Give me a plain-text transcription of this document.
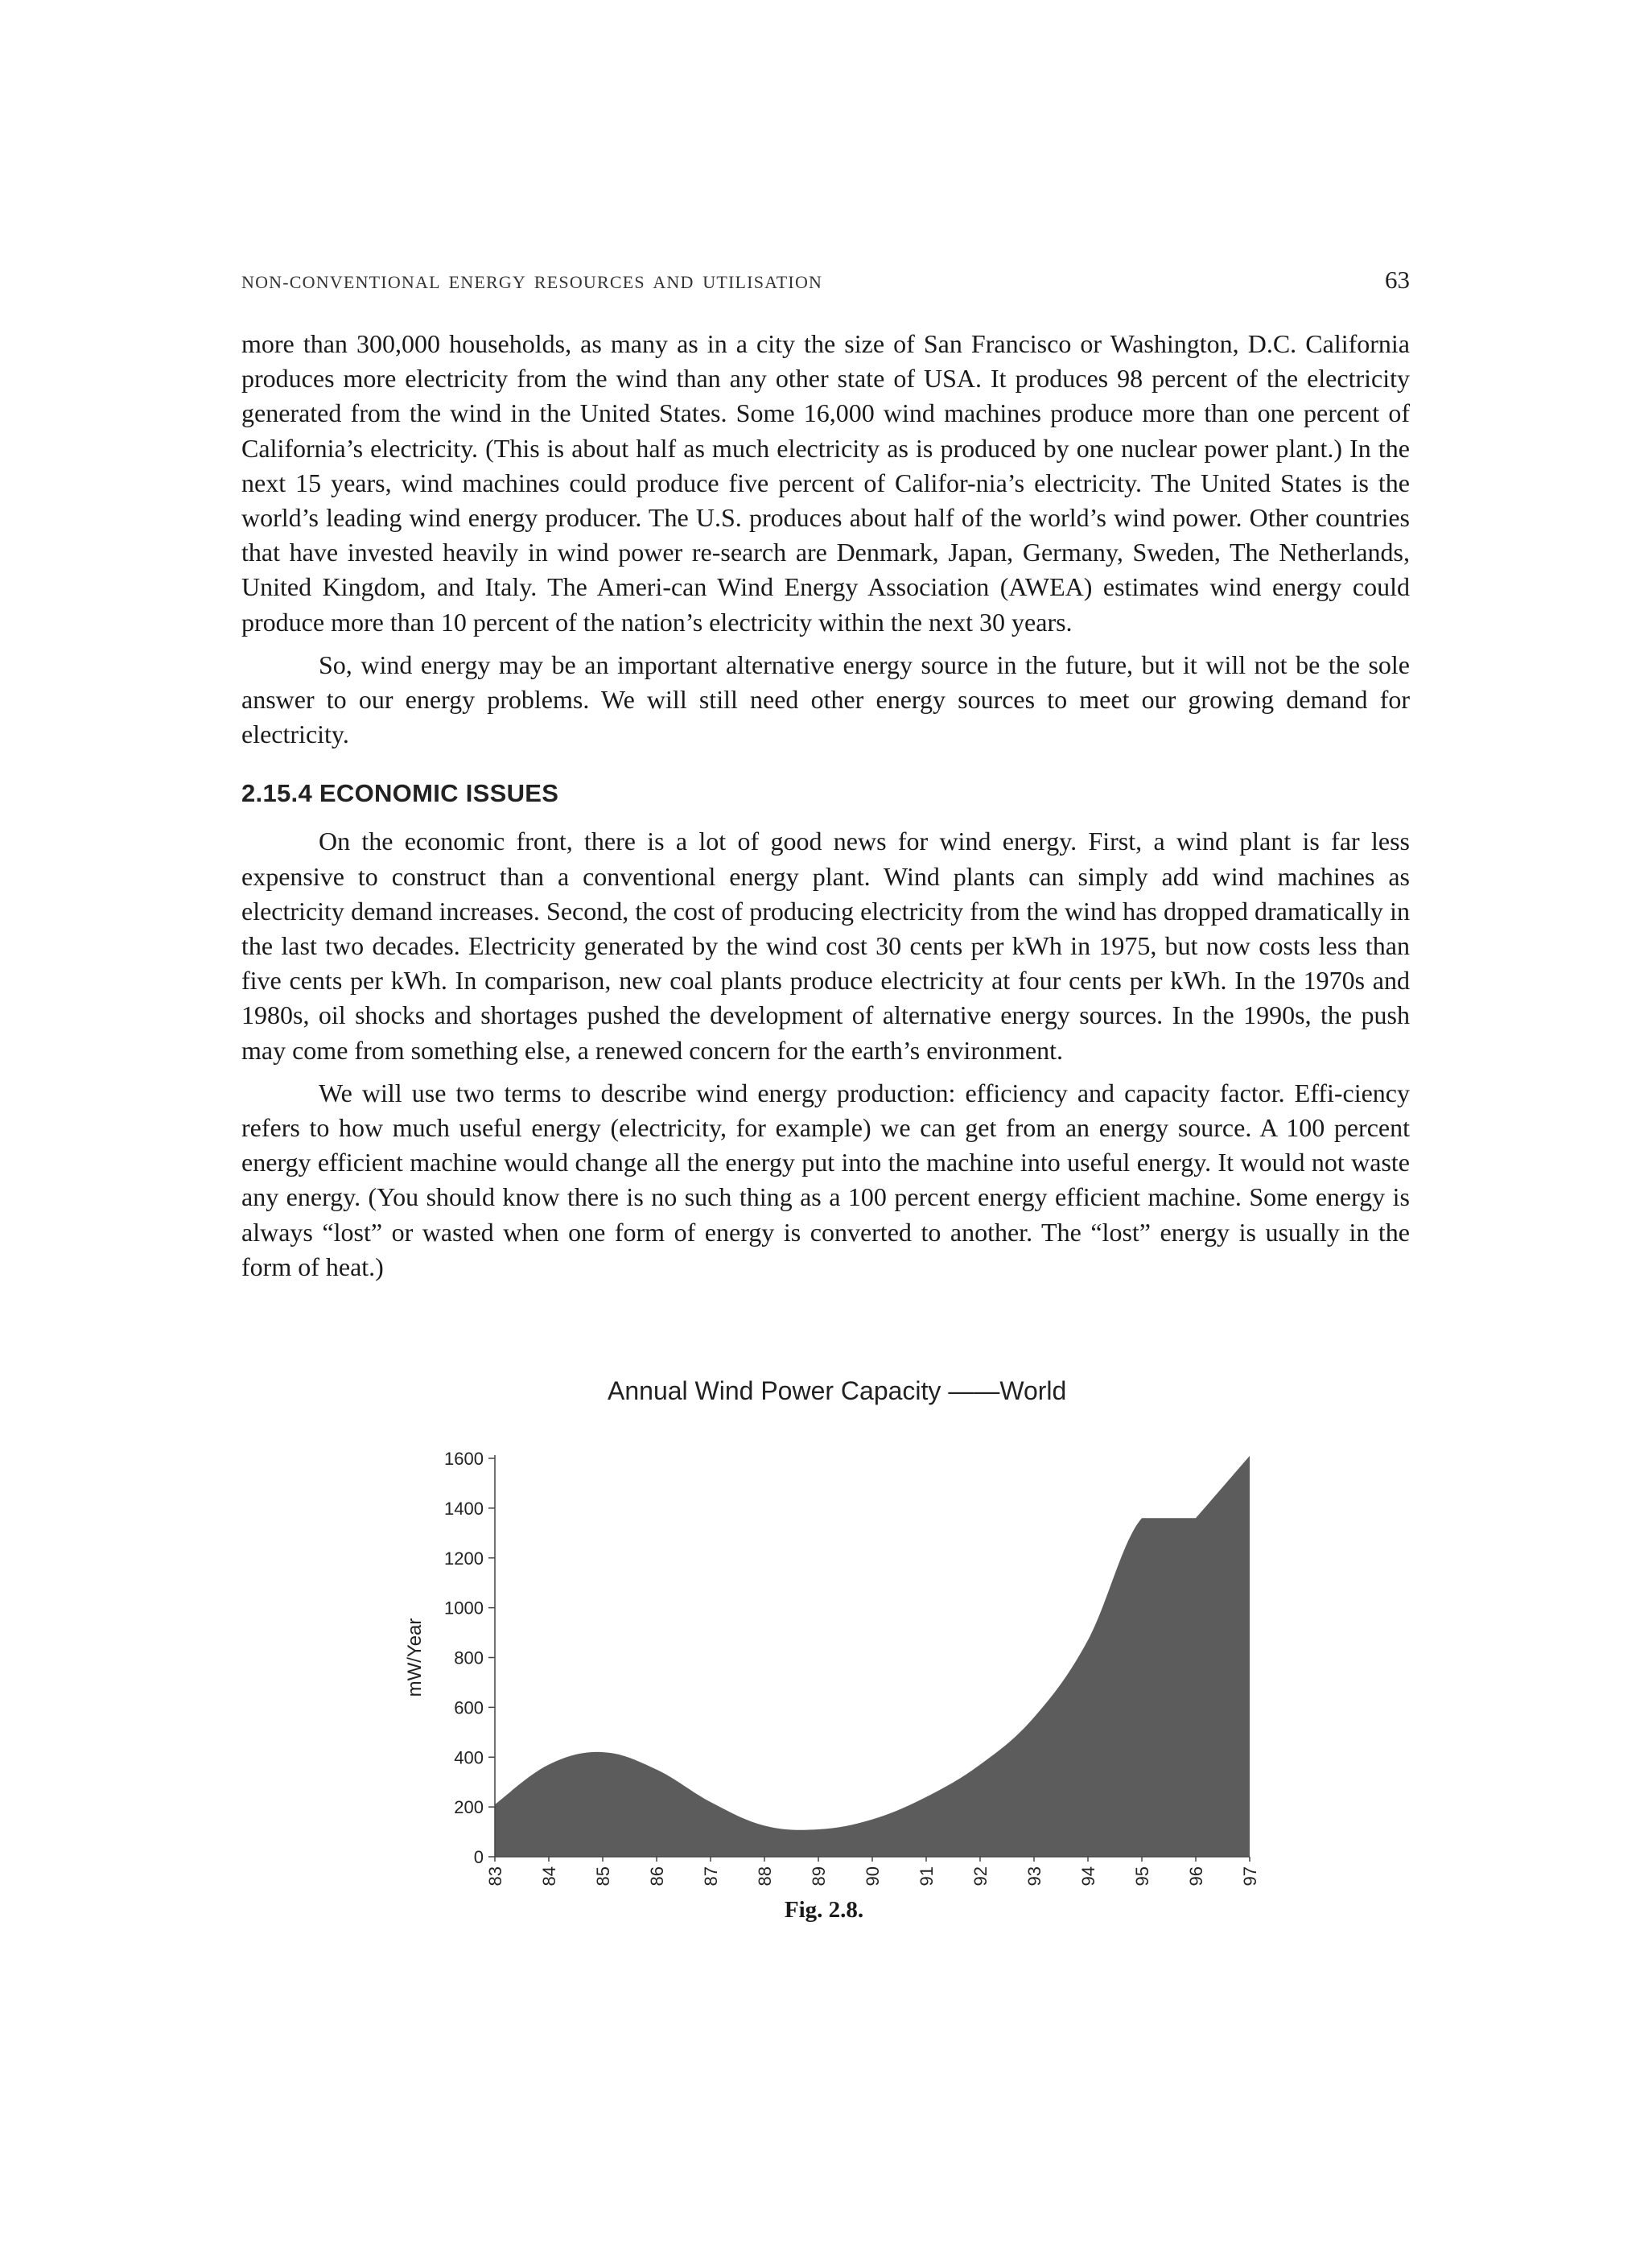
NON-CONVENTIONAL ENERGY RESOURCES AND UTILISATION	63

more than 300,000 households, as many as in a city the size of San Francisco or Washington, D.C. California produces more electricity from the wind than any other state of USA. It produces 98 percent of the electricity generated from the wind in the United States. Some 16,000 wind machines produce more than one percent of California’s electricity. (This is about half as much electricity as is produced by one nuclear power plant.) In the next 15 years, wind machines could produce five percent of Califor-nia’s electricity. The United States is the world’s leading wind energy producer. The U.S. produces about half of the world’s wind power. Other countries that have invested heavily in wind power re-search are Denmark, Japan, Germany, Sweden, The Netherlands, United Kingdom, and Italy. The Ameri-can Wind Energy Association (AWEA) estimates wind energy could produce more than 10 percent of the nation’s electricity within the next 30 years.

So, wind energy may be an important alternative energy source in the future, but it will not be the sole answer to our energy problems. We will still need other energy sources to meet our growing demand for electricity.

2.15.4 ECONOMIC ISSUES

On the economic front, there is a lot of good news for wind energy. First, a wind plant is far less expensive to construct than a conventional energy plant. Wind plants can simply add wind machines as electricity demand increases. Second, the cost of producing electricity from the wind has dropped dramatically in the last two decades. Electricity generated by the wind cost 30 cents per kWh in 1975, but now costs less than five cents per kWh. In comparison, new coal plants produce electricity at four cents per kWh. In the 1970s and 1980s, oil shocks and shortages pushed the development of alternative energy sources. In the 1990s, the push may come from something else, a renewed concern for the earth’s environment.

We will use two terms to describe wind energy production: efficiency and capacity factor. Effi-ciency refers to how much useful energy (electricity, for example) we can get from an energy source. A 100 percent energy efficient machine would change all the energy put into the machine into useful energy. It would not waste any energy. (You should know there is no such thing as a 100 percent energy efficient machine. Some energy is always “lost” or wasted when one form of energy is converted to another. The “lost” energy is usually in the form of heat.)

Annual Wind Power Capacity ——World
mW/Year
0
200
400
600
800
1000
1200
1400
1600
83 84 85 86 87 88 89 90 91 92 93 94 95 96 97
Fig. 2.8.
